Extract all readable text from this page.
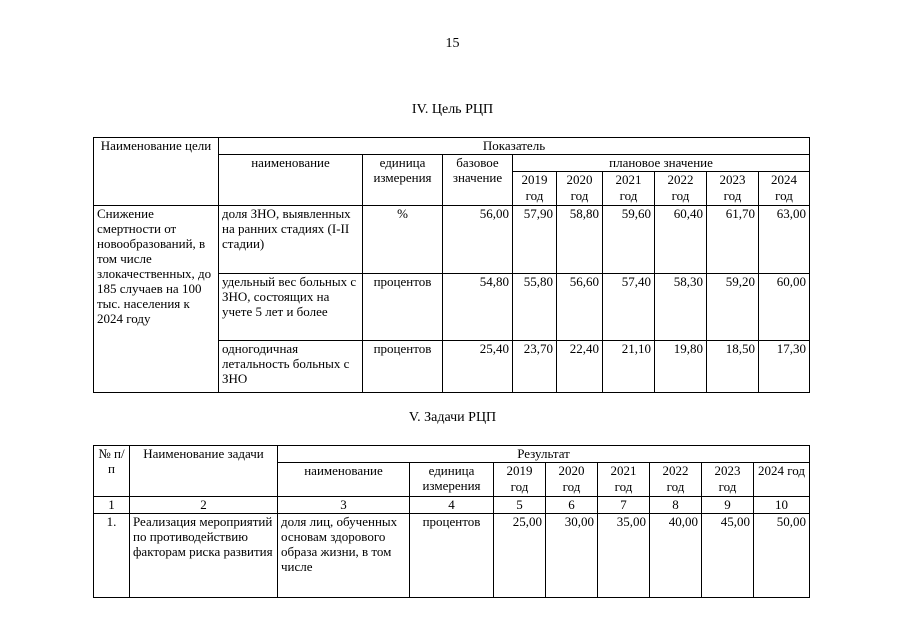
15
IV. Цель РЦП
Наименование цели	Показатель								
	наименование	единица измерения	базовое значение	плановое значение					
				2019 год	2020 год	2021 год	2022 год	2023 год	2024 год
Снижение смертности от новообразований, в том числе злокачественных, до 185 случаев на 100 тыс. населения к 2024 году	доля ЗНО, выявленных на ранних стадиях (I-II стадии)	%	56,00	57,90	58,80	59,60	60,40	61,70	63,00
	удельный вес больных с ЗНО, состоящих на учете 5 лет и более	процентов	54,80	55,80	56,60	57,40	58,30	59,20	60,00
	одногодичная летальность больных с ЗНО	процентов	25,40	23,70	22,40	21,10	19,80	18,50	17,30
V. Задачи РЦП
№ п/п	Наименование задачи	Результат							
		наименование	единица измерения	2019 год	2020 год	2021 год	2022 год	2023 год	2024 год
1	2	3	4	5	6	7	8	9	10
1.	Реализация мероприятий по противодействию факторам риска развития	доля лиц, обученных основам здорового образа жизни, в том числе	процентов	25,00	30,00	35,00	40,00	45,00	50,00
